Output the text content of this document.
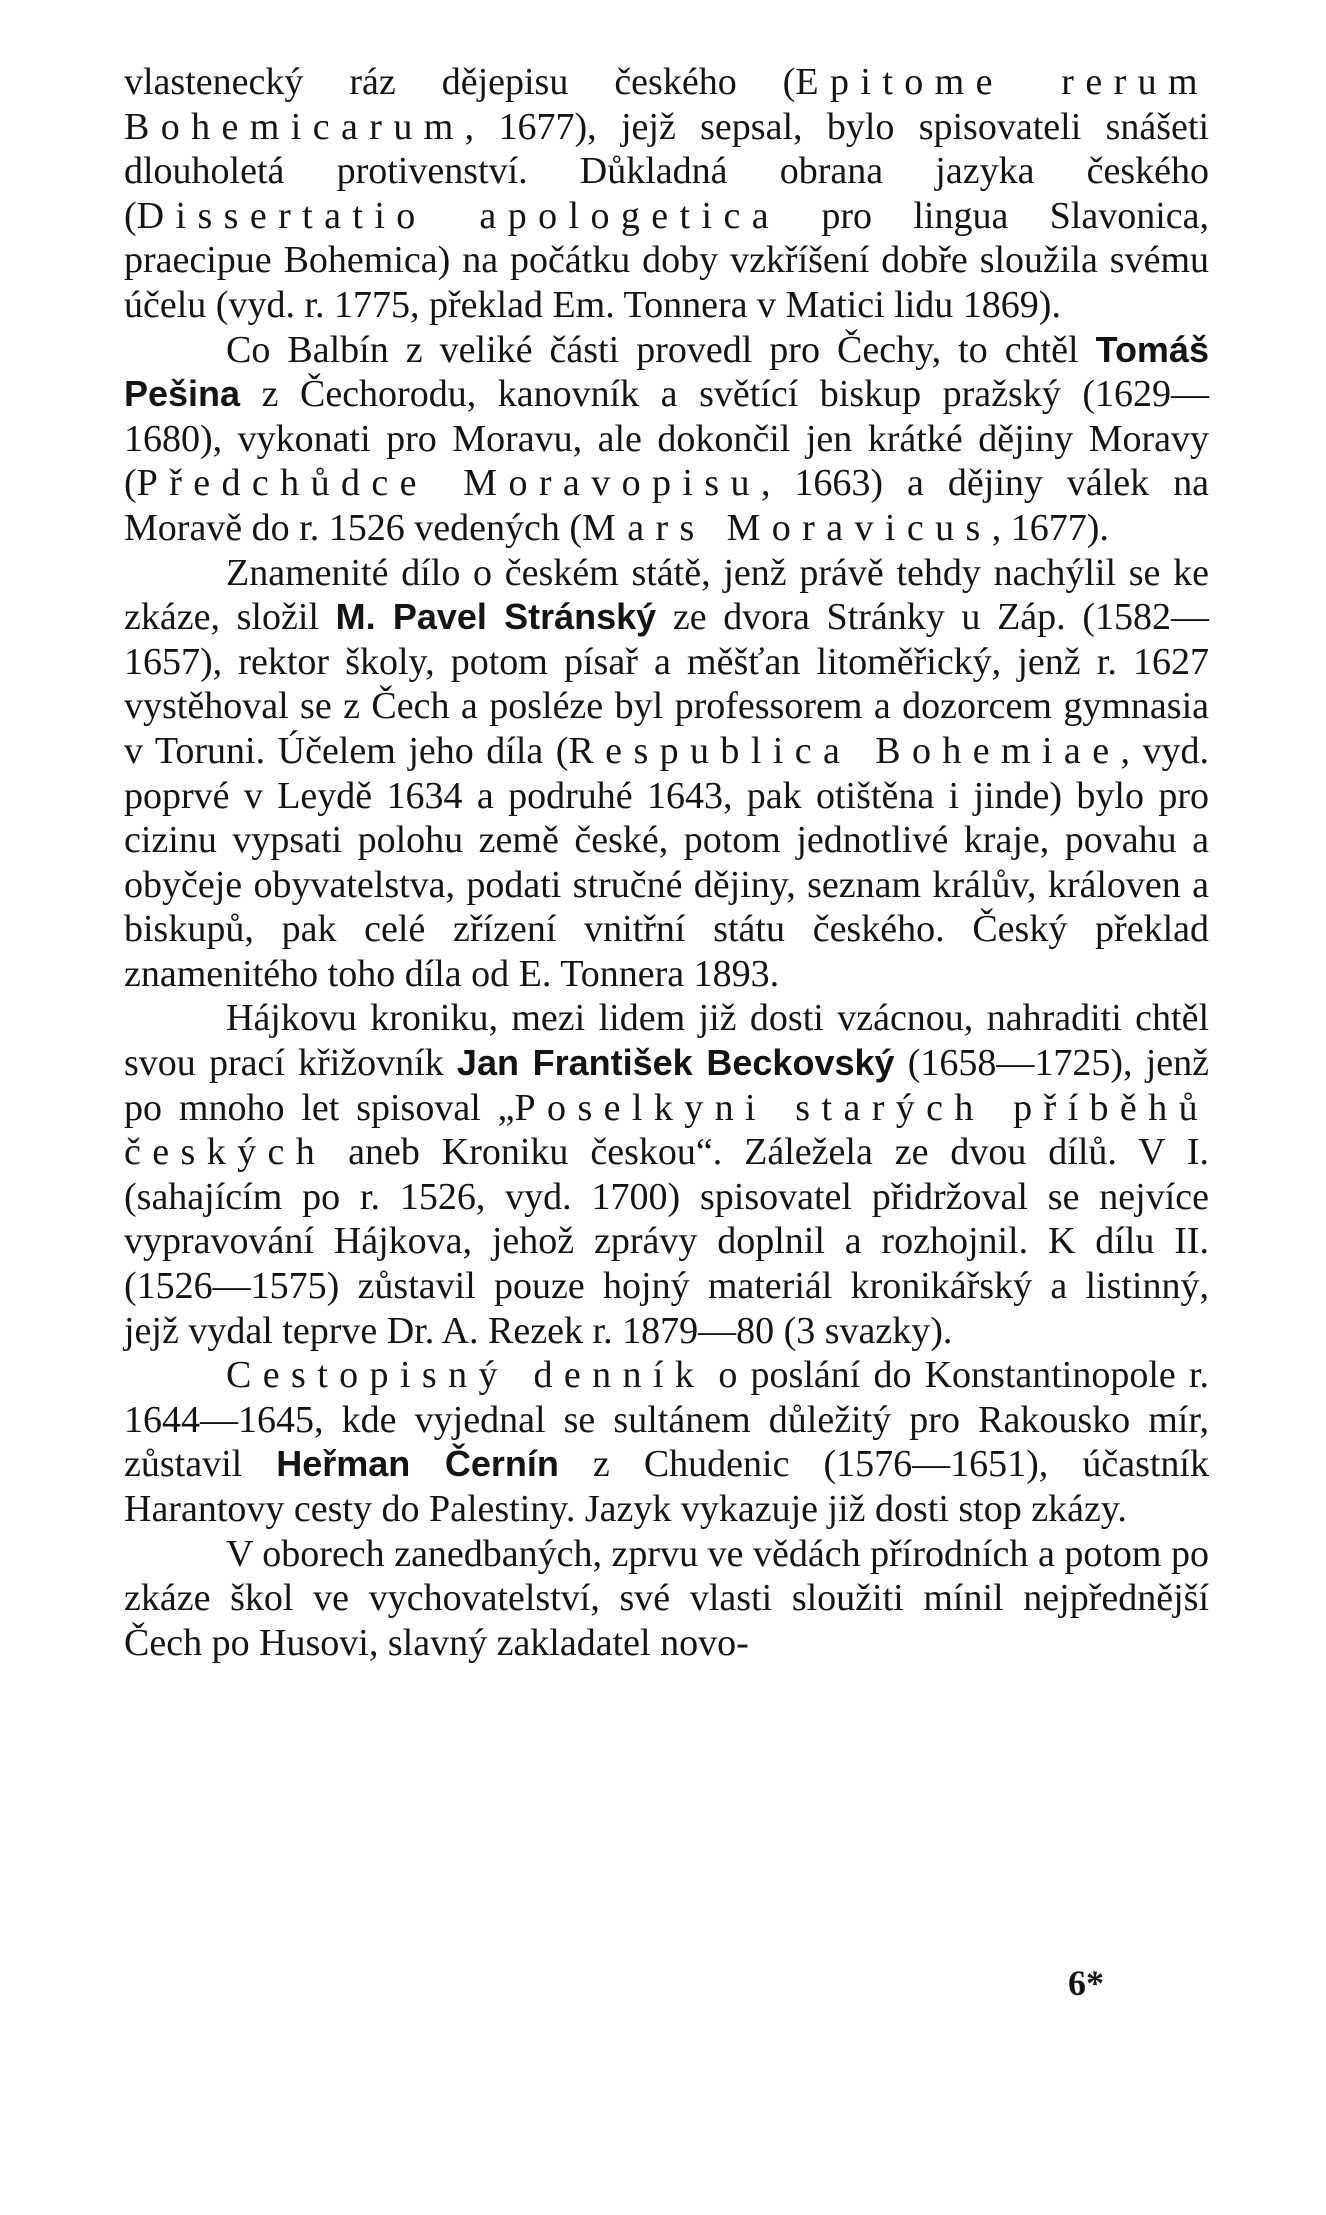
vlastenecký ráz dějepisu českého (Epitome rerum Bohemicarum, 1677), jejž sepsal, bylo spisovateli snášeti dlouholetá protivenství. Důkladná obrana jazyka českého (Dissertatio apologetica pro lingua Slavonica, praecipue Bohemica) na počátku doby vzkříšení dobře sloužila svému účelu (vyd. r. 1775, překlad Em. Tonnera v Matici lidu 1869).

Co Balbín z veliké části provedl pro Čechy, to chtěl Tomáš Pešina z Čechorodu, kanovník a světící biskup pražský (1629—1680), vykonati pro Moravu, ale dokončil jen krátké dějiny Moravy (Předchůdce Moravopisu, 1663) a dějiny válek na Moravě do r. 1526 vedených (Mars Moravicus, 1677).

Znamenité dílo o českém státě, jenž právě tehdy nachýlil se ke zkáze, složil M. Pavel Stránský ze dvora Stránky u Záp. (1582—1657), rektor školy, potom písař a měšťan litoměřický, jenž r. 1627 vystěhoval se z Čech a posléze byl professorem a dozorcem gymnasia v Toruni. Účelem jeho díla (Respublica Bohemiae, vyd. poprvé v Leydě 1634 a podruhé 1643, pak otištěna i jinde) bylo pro cizinu vypsati polohu země české, potom jednotlivé kraje, povahu a obyčeje obyvatelstva, podati stručné dějiny, seznam králův, královen a biskupů, pak celé zřízení vnitřní státu českého. Český překlad znamenitého toho díla od E. Tonnera 1893.

Hájkovu kroniku, mezi lidem již dosti vzácnou, nahraditi chtěl svou prací křižovník Jan František Beckovský (1658—1725), jenž po mnoho let spisoval „Poselkyni starých příběhů českých aneb Kroniku českou“. Záležela ze dvou dílů. V I. (sahajícím po r. 1526, vyd. 1700) spisovatel přidržoval se nejvíce vypravování Hájkova, jehož zprávy doplnil a rozhojnil. K dílu II. (1526—1575) zůstavil pouze hojný materiál kronikářský a listinný, jejž vydal teprve Dr. A. Rezek r. 1879—80 (3 svazky).

Cestopisný denník o poslání do Konstantinopole r. 1644—1645, kde vyjednal se sultánem důležitý pro Rakousko mír, zůstavil Heřman Černín z Chudenic (1576—1651), účastník Harantovy cesty do Palestiny. Jazyk vykazuje již dosti stop zkázy.

V oborech zanedbaných, zprvu ve vědách přírodních a potom po zkáze škol ve vychovatelství, své vlasti sloužiti mínil nejpřednější Čech po Husovi, slavný zakladatel novo-

6*
